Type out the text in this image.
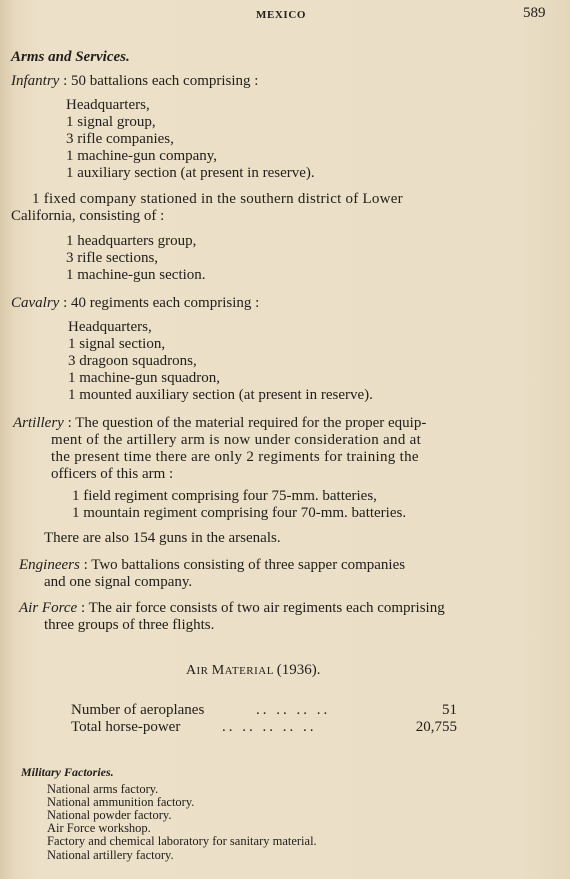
MEXICO	589
Arms and Services.
Infantry : 50 battalions each comprising :
Headquarters,
1 signal group,
3 rifle companies,
1 machine-gun company,
1 auxiliary section (at present in reserve).
1 fixed company stationed in the southern district of Lower
California, consisting of :
1 headquarters group,
3 rifle sections,
1 machine-gun section.
Cavalry : 40 regiments each comprising :
Headquarters,
1 signal section,
3 dragoon squadrons,
1 machine-gun squadron,
1 mounted auxiliary section (at present in reserve).
Artillery : The question of the material required for the proper equip-
ment of the artillery arm is now under consideration and at
the present time there are only 2 regiments for training the
officers of this arm :
1 field regiment comprising four 75-mm. batteries,
1 mountain regiment comprising four 70-mm. batteries.
There are also 154 guns in the arsenals.
Engineers : Two battalions consisting of three sapper companies
and one signal company.
Air Force : The air force consists of two air regiments each comprising
three groups of three flights.
AIR MATERIAL (1936).
Number of aeroplanes	.. .. .. ..	51
Total horse-power	.. .. .. .. ..	20,755
Military Factories.
National arms factory.
National ammunition factory.
National powder factory.
Air Force workshop.
Factory and chemical laboratory for sanitary material.
National artillery factory.
